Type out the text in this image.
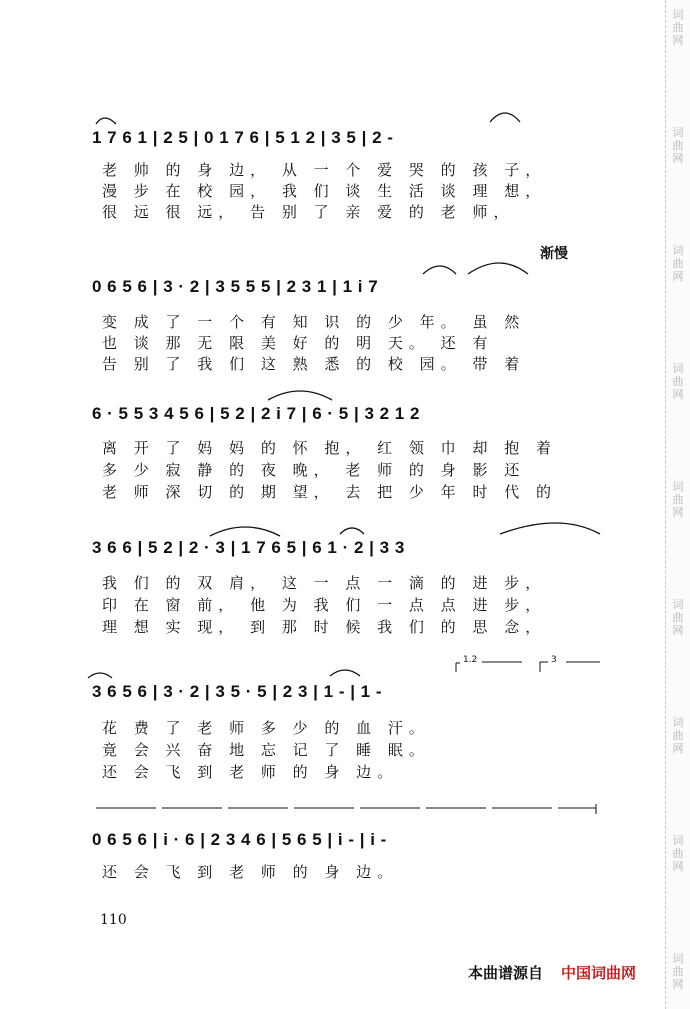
词
曲
网
词
曲
网
词
曲
网
词
曲
网
词
曲
网
词
曲
网
词
曲
网
词
曲
网
词
曲
网
1 7 6 1 | 2 5 | 0 1 7 6 | 5 1 2 | 3 5 | 2 -
老 帅 的 身 边， 从 一 个 爱 哭 的 孩 子，
漫 步 在 校 园， 我 们 谈 生 活 谈 理 想，
很 远 很 远， 告 别 了 亲 爱 的 老 师，
渐慢
0 6 5 6 | 3 · 2 | 3 5 5 5 | 2 3 1 | 1 i 7
变 成 了 一 个 有 知 识 的 少 年。 虽 然
也 谈 那 无 限 美 好 的 明 天。 还 有
告 别 了 我 们 这 熟 悉 的 校 园。 带 着
6 · 5 5 3 4 5 6 | 5 2 | 2 i 7 | 6 · 5 | 3 2 1 2
离 开 了 妈 妈 的 怀 抱， 红 领 巾 却 抱 着
多 少 寂 静 的 夜 晚， 老 师 的 身 影 还
老 师 深 切 的 期 望， 去 把 少 年 时 代 的
3 6 6 | 5 2 | 2 · 3 | 1 7 6 5 | 6 1 · 2 | 3 3
我 们 的 双 肩， 这 一 点 一 滴 的 进 步，
印 在 窗 前， 他 为 我 们 一 点 点 进 步，
理 想 实 现， 到 那 时 候 我 们 的 思 念，
1.2	3
3 6 5 6 | 3 · 2 | 3 5 · 5 | 2 3 | 1 - | 1 -
花 费 了 老 师 多 少 的 血 汗。
竟 会 兴 奋 地 忘 记 了 睡 眠。
还 会 飞 到 老 师 的 身 边。
0 6 5 6 | i · 6 | 2 3 4 6 | 5 6 5 | i - | i -
还 会 飞 到 老 师 的 身 边。
110
本曲谱源自 中国词曲网
